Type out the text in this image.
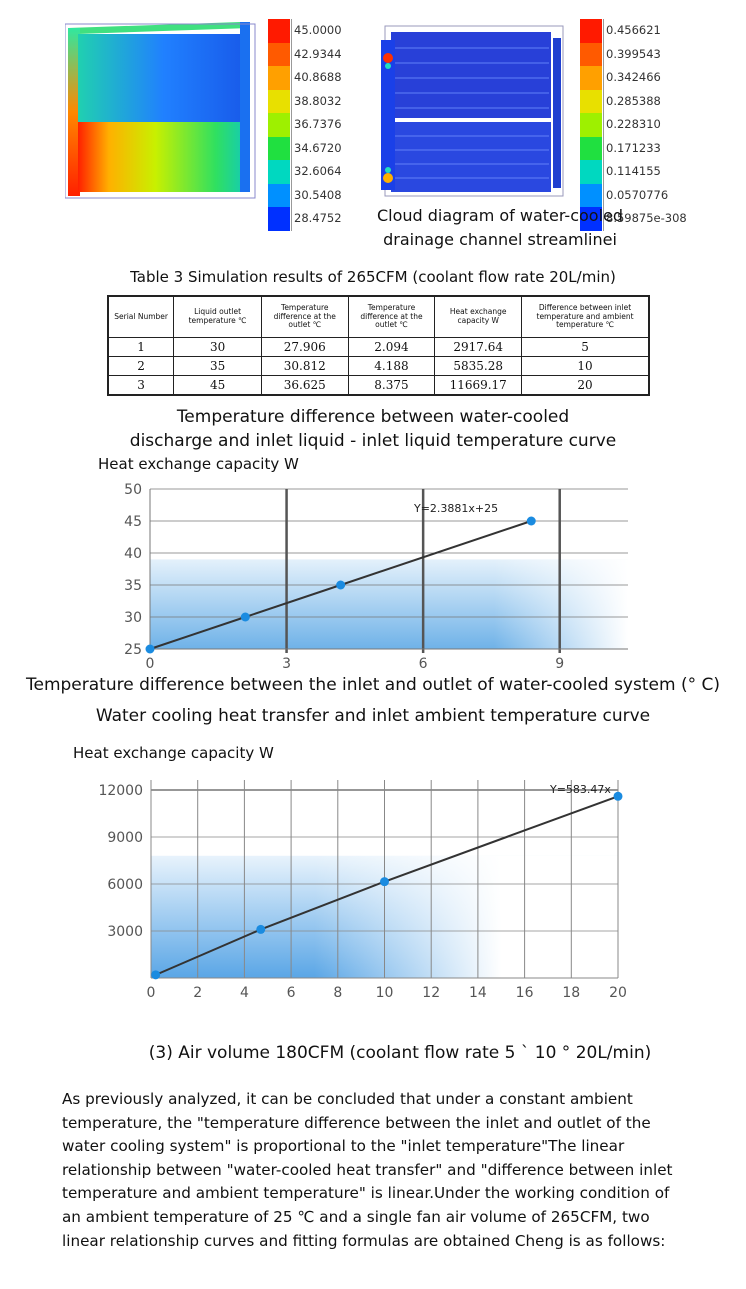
45.0000
42.9344
40.8688
38.8032
36.7376
34.6720
32.6064
30.5408
28.4752
0.456621
0.399543
0.342466
0.285388
0.228310
0.171233
0.114155
0.0570776
8.59875e-308
Cloud diagram of water-cooled
drainage channel streamlinei
Table 3 Simulation results of 265CFM (coolant flow rate 20L/min)
Serial Number	Liquid outlet temperature ℃	Temperature difference at the outlet ℃	Temperature difference at the outlet ℃	Heat exchange capacity W	Difference between inlet temperature and ambient temperature ℃
1	30	27.906	2.094	2917.64	5
2	35	30.812	4.188	5835.28	10
3	45	36.625	8.375	11669.17	20
Temperature difference between water-cooled
discharge and inlet liquid - inlet liquid temperature curve
25
30
35
40
45
50
0	3	6	9
Heat exchange capacity W
Y=2.3881x+25
Temperature difference between the inlet and outlet of water-cooled system (° C)
Water cooling heat transfer and inlet ambient temperature curve
3000
6000
9000
12000
0	2	4	6	8 10 12 14 16 18 20
Heat exchange capacity W
Y=583.47x
(3) Air volume 180CFM (coolant flow rate 5 ` 10 ° 20L/min)
As previously analyzed, it can be concluded that under a constant ambient temperature, the "temperature difference between the inlet and outlet of the water cooling system" is proportional to the "inlet temperature"The linear relationship between "water-cooled heat transfer" and "difference between inlet temperature and ambient temperature" is linear.Under the working condition of an ambient temperature of 25 ℃ and a single fan air volume of 265CFM, two linear relationship curves and fitting formulas are obtained Cheng is as follows:
